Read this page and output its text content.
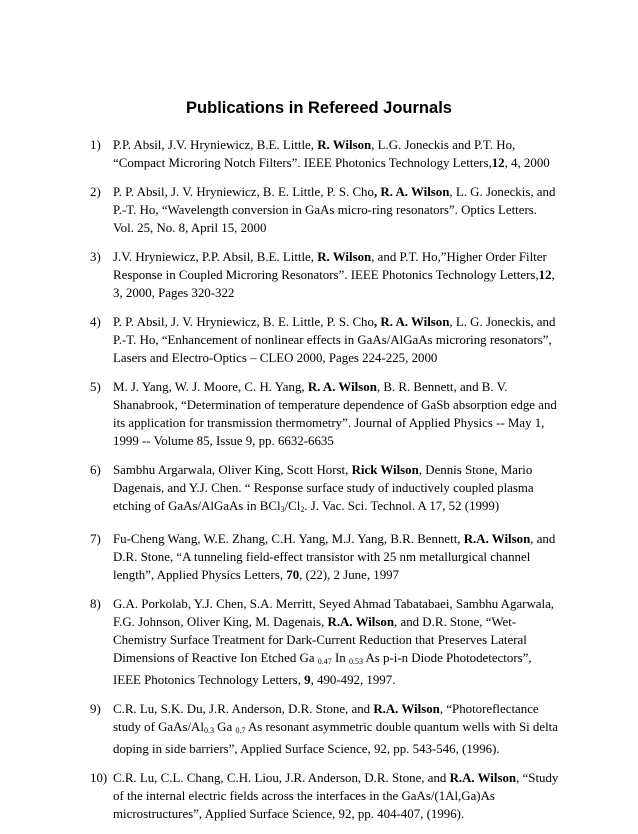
Publications in Refereed Journals
1) P.P. Absil, J.V. Hryniewicz, B.E. Little, R. Wilson, L.G. Joneckis and P.T. Ho, “Compact Microring Notch Filters”. IEEE Photonics Technology Letters,12, 4, 2000
2) P. P. Absil, J. V. Hryniewicz, B. E. Little, P. S. Cho, R. A. Wilson, L. G. Joneckis, and P.-T. Ho, “Wavelength conversion in GaAs micro-ring resonators”. Optics Letters. Vol. 25, No. 8, April 15, 2000
3) J.V. Hryniewicz, P.P. Absil, B.E. Little, R. Wilson, and P.T. Ho,”Higher Order Filter Response in Coupled Microring Resonators”. IEEE Photonics Technology Letters,12, 3, 2000, Pages 320-322
4) P. P. Absil, J. V. Hryniewicz, B. E. Little, P. S. Cho, R. A. Wilson, L. G. Joneckis, and P.-T. Ho, “Enhancement of nonlinear effects in GaAs/AlGaAs microring resonators”, Lasers and Electro-Optics – CLEO 2000, Pages 224-225, 2000
5) M. J. Yang, W. J. Moore, C. H. Yang, R. A. Wilson, B. R. Bennett, and B. V. Shanabrook, “Determination of temperature dependence of GaSb absorption edge and its application for transmission thermometry”. Journal of Applied Physics -- May 1, 1999 -- Volume 85, Issue 9, pp. 6632-6635
6) Sambhu Argarwala, Oliver King, Scott Horst, Rick Wilson, Dennis Stone, Mario Dagenais, and Y.J. Chen. “ Response surface study of inductively coupled plasma etching of GaAs/AlGaAs in $BCl_3/Cl_2$. J. Vac. Sci. Technol. A 17, 52 (1999)
7) Fu-Cheng Wang, W.E. Zhang, C.H. Yang, M.J. Yang, B.R. Bennett, R.A. Wilson, and D.R. Stone, “A tunneling field-effect transistor with 25 nm metallurgical channel length”, Applied Physics Letters, 70, (22), 2 June, 1997
8) G.A. Porkolab, Y.J. Chen, S.A. Merritt, Seyed Ahmad Tabatabaei, Sambhu Agarwala, F.G. Johnson, Oliver King, M. Dagenais, R.A. Wilson, and D.R. Stone, “Wet-Chemistry Surface Treatment for Dark-Current Reduction that Preserves Lateral Dimensions of Reactive Ion Etched Ga $_{0.47}$ In $_{0.53}$ As p-i-n Diode Photodetectors”, IEEE Photonics Technology Letters, 9, 490-492, 1997.
9) C.R. Lu, S.K. Du, J.R. Anderson, D.R. Stone, and R.A. Wilson, “Photoreflectance study of GaAs/$Al_{0.3}$ Ga $_{0.7}$ As resonant asymmetric double quantum wells with Si delta doping in side barriers”, Applied Surface Science, 92, pp. 543-546, (1996).
10) C.R. Lu, C.L. Chang, C.H. Liou, J.R. Anderson, D.R. Stone, and R.A. Wilson, “Study of the internal electric fields across the interfaces in the GaAs/(1Al,Ga)As microstructures”, Applied Surface Science, 92, pp. 404-407, (1996).
